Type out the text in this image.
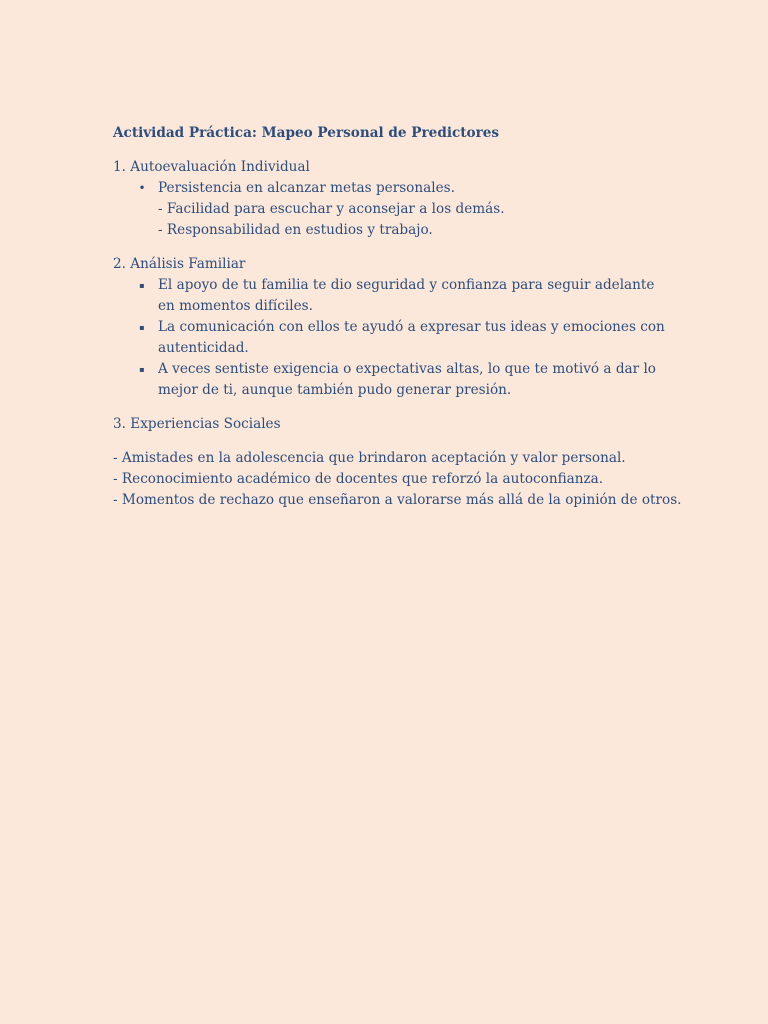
Actividad Práctica: Mapeo Personal de Predictores
1. Autoevaluación Individual
• Persistencia en alcanzar metas personales.
- Facilidad para escuchar y aconsejar a los demás.
- Responsabilidad en estudios y trabajo.
2. Análisis Familiar
▪ El apoyo de tu familia te dio seguridad y confianza para seguir adelante en momentos difíciles.
▪ La comunicación con ellos te ayudó a expresar tus ideas y emociones con autenticidad.
▪ A veces sentiste exigencia o expectativas altas, lo que te motivó a dar lo mejor de ti, aunque también pudo generar presión.
3. Experiencias Sociales
- Amistades en la adolescencia que brindaron aceptación y valor personal.
- Reconocimiento académico de docentes que reforzó la autoconfianza.
- Momentos de rechazo que enseñaron a valorarse más allá de la opinión de otros.
